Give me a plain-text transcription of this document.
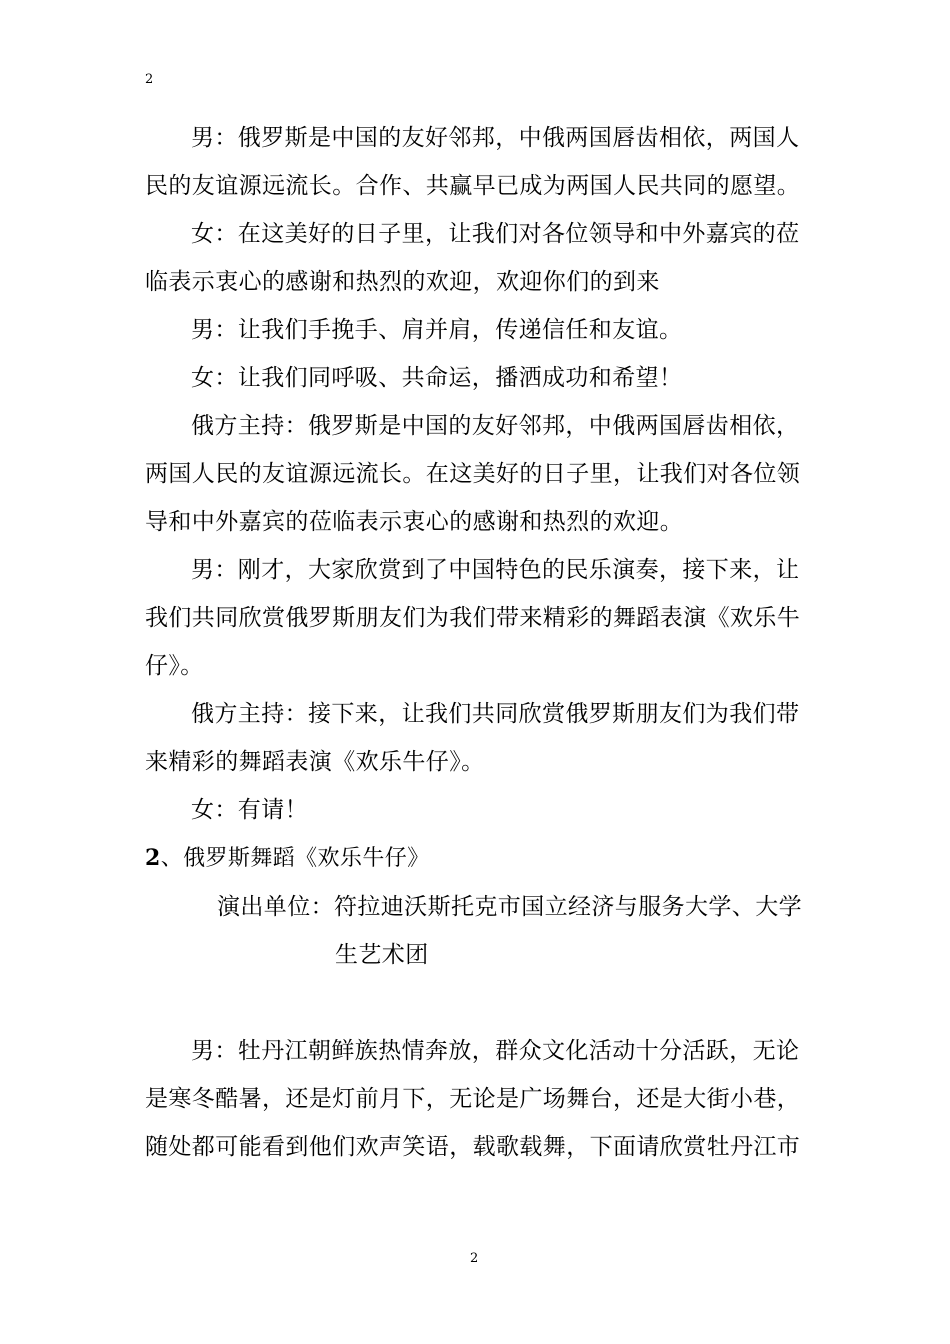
2

男：俄罗斯是中国的友好邻邦，中俄两国唇齿相依，两国人
民的友谊源远流长。合作、共赢早已成为两国人民共同的愿望。

女：在这美好的日子里，让我们对各位领导和中外嘉宾的莅
临表示衷心的感谢和热烈的欢迎，欢迎你们的到来

男：让我们手挽手、肩并肩，传递信任和友谊。

女：让我们同呼吸、共命运，播洒成功和希望！

俄方主持：俄罗斯是中国的友好邻邦，中俄两国唇齿相依，
两国人民的友谊源远流长。在这美好的日子里，让我们对各位领
导和中外嘉宾的莅临表示衷心的感谢和热烈的欢迎。

男：刚才，大家欣赏到了中国特色的民乐演奏，接下来，让
我们共同欣赏俄罗斯朋友们为我们带来精彩的舞蹈表演《欢乐牛
仔》。

俄方主持：接下来，让我们共同欣赏俄罗斯朋友们为我们带
来精彩的舞蹈表演《欢乐牛仔》。

女：有请！

2、俄罗斯舞蹈《欢乐牛仔》

演出单位：符拉迪沃斯托克市国立经济与服务大学、大学
生艺术团

男：牡丹江朝鲜族热情奔放，群众文化活动十分活跃，无论
是寒冬酷暑，还是灯前月下，无论是广场舞台，还是大街小巷，
随处都可能看到他们欢声笑语，载歌载舞，下面请欣赏牡丹江市

2
